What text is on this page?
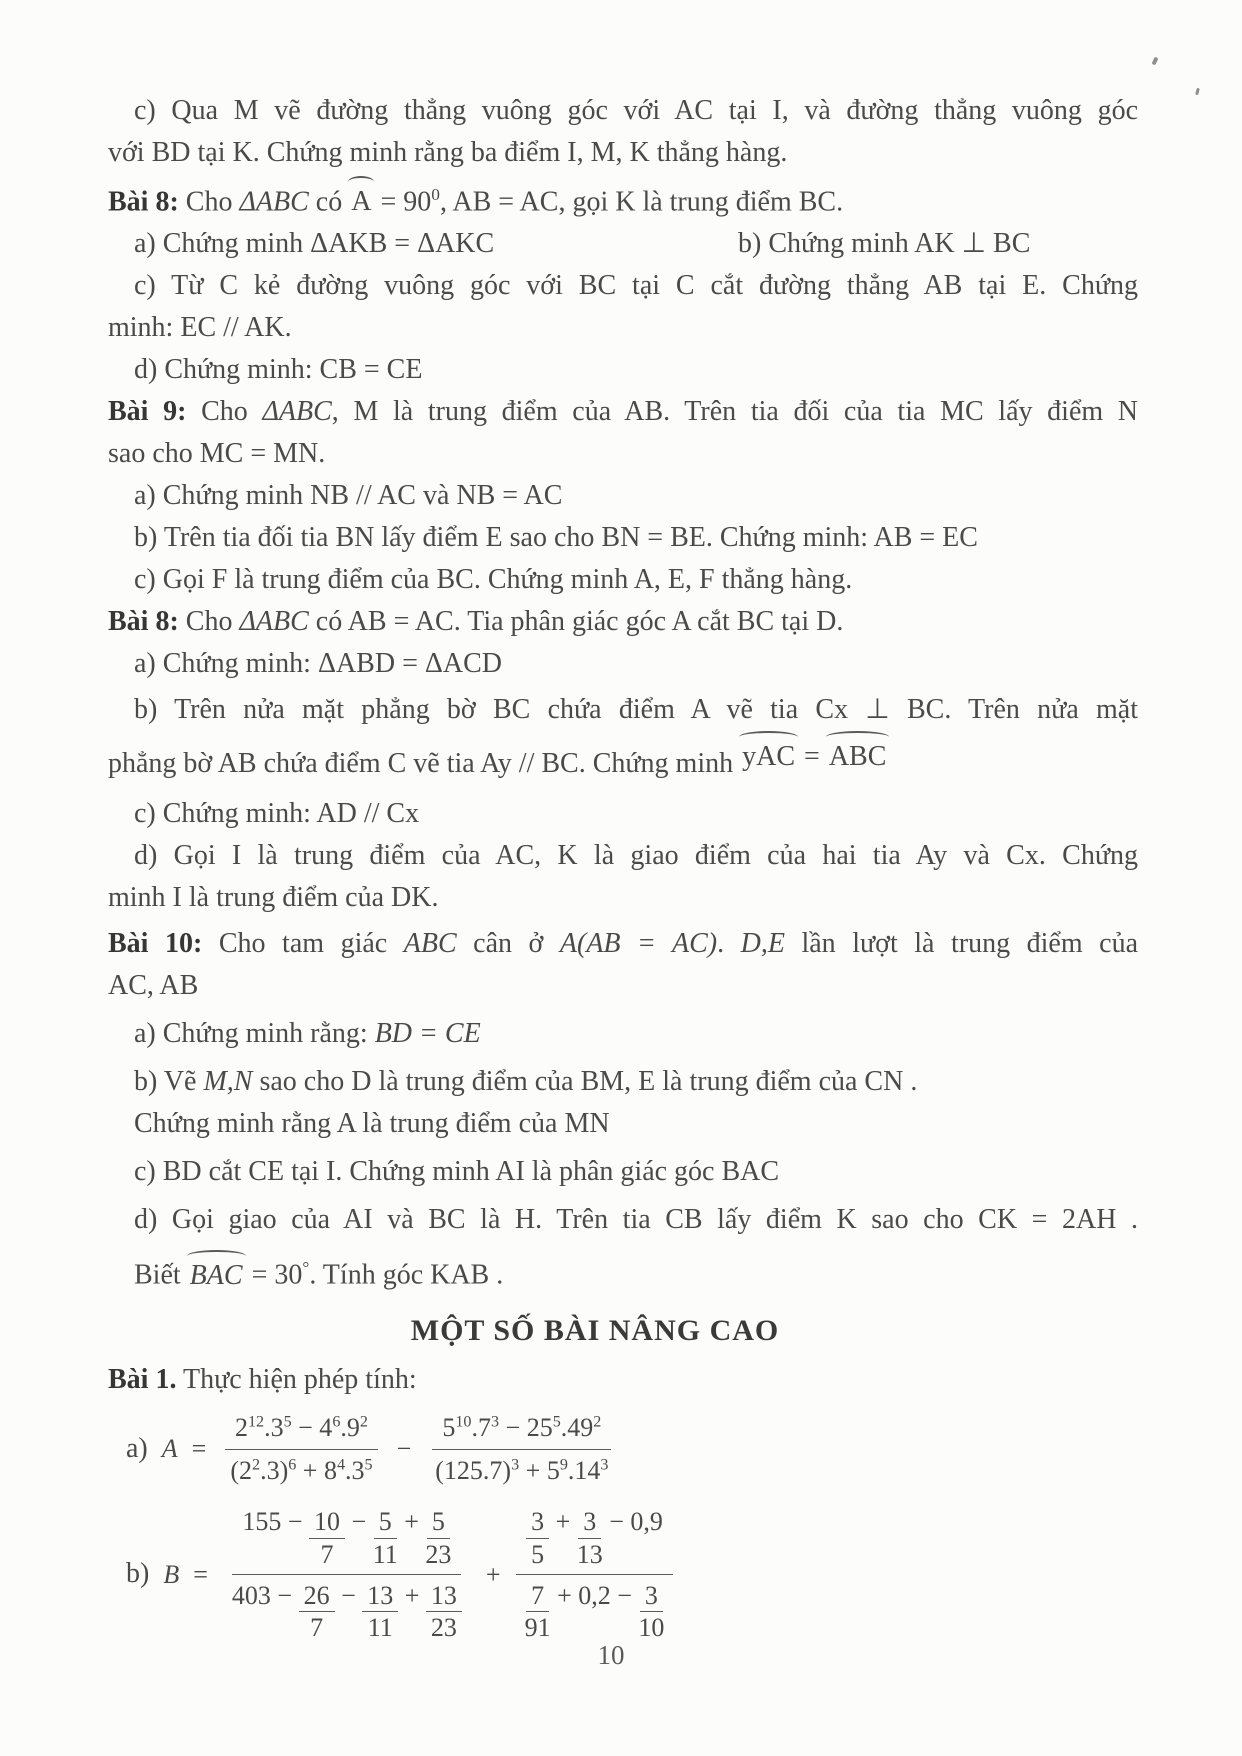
c) Qua M vẽ đường thẳng vuông góc với AC tại I, và đường thẳng vuông góc
với BD tại K. Chứng minh rằng ba điểm I, M, K thẳng hàng.
Bài 8: Cho ΔABC có $A = 90^0$, AB = AC, gọi K là trung điểm BC.
a) Chứng minh ΔAKB = ΔAKC	b) Chứng minh AK ⊥ BC
c) Từ C kẻ đường vuông góc với BC tại C cắt đường thẳng AB tại E. Chứng
minh: EC // AK.
d) Chứng minh: CB = CE
Bài 9: Cho ΔABC, M là trung điểm của AB. Trên tia đối của tia MC lấy điểm N
sao cho MC = MN.
a) Chứng minh NB // AC và NB = AC
b) Trên tia đối tia BN lấy điểm E sao cho BN = BE. Chứng minh: AB = EC
c) Gọi F là trung điểm của BC. Chứng minh A, E, F thẳng hàng.
Bài 8: Cho ΔABC có AB = AC. Tia phân giác góc A cắt BC tại D.
a) Chứng minh: ΔABD = ΔACD
b) Trên nửa mặt phẳng bờ BC chứa điểm A vẽ tia Cx ⊥ BC. Trên nửa mặt
phẳng bờ AB chứa điểm C vẽ tia Ay // BC. Chứng minh yAC = ABC
c) Chứng minh: AD // Cx
d) Gọi I là trung điểm của AC, K là giao điểm của hai tia Ay và Cx. Chứng
minh I là trung điểm của DK.
Bài 10: Cho tam giác ABC cân ở A(AB = AC). D,E lần lượt là trung điểm của
AC, AB
a) Chứng minh rằng: BD = CE
b) Vẽ M,N sao cho D là trung điểm của BM, E là trung điểm của CN .
Chứng minh rằng A là trung điểm của MN
c) BD cắt CE tại I. Chứng minh AI là phân giác góc BAC
d) Gọi giao của AI và BC là H. Trên tia CB lấy điểm K sao cho CK = 2AH .
Biết BAC = 30°. Tính góc KAB .
MỘT SỐ BÀI NÂNG CAO
Bài 1. Thực hiện phép tính:
a) $A = \frac{2^{12}.3^5 - 4^6.9^2}{(2^2.3)^6 + 8^4.3^5} - \frac{5^{10}.7^3 - 25^5.49^2}{(125.7)^3 + 5^9.14^3}$
b) B =
$155 - \frac{10}{7} - \frac{5}{11} + \frac{5}{23}$
$403 - \frac{26}{7} - \frac{13}{11} + \frac{13}{23}$
+ $\frac{\frac{3}{5} + \frac{3}{13} - 0,9}{\frac{7}{91} + 0,2 - \frac{3}{10}}$
10
